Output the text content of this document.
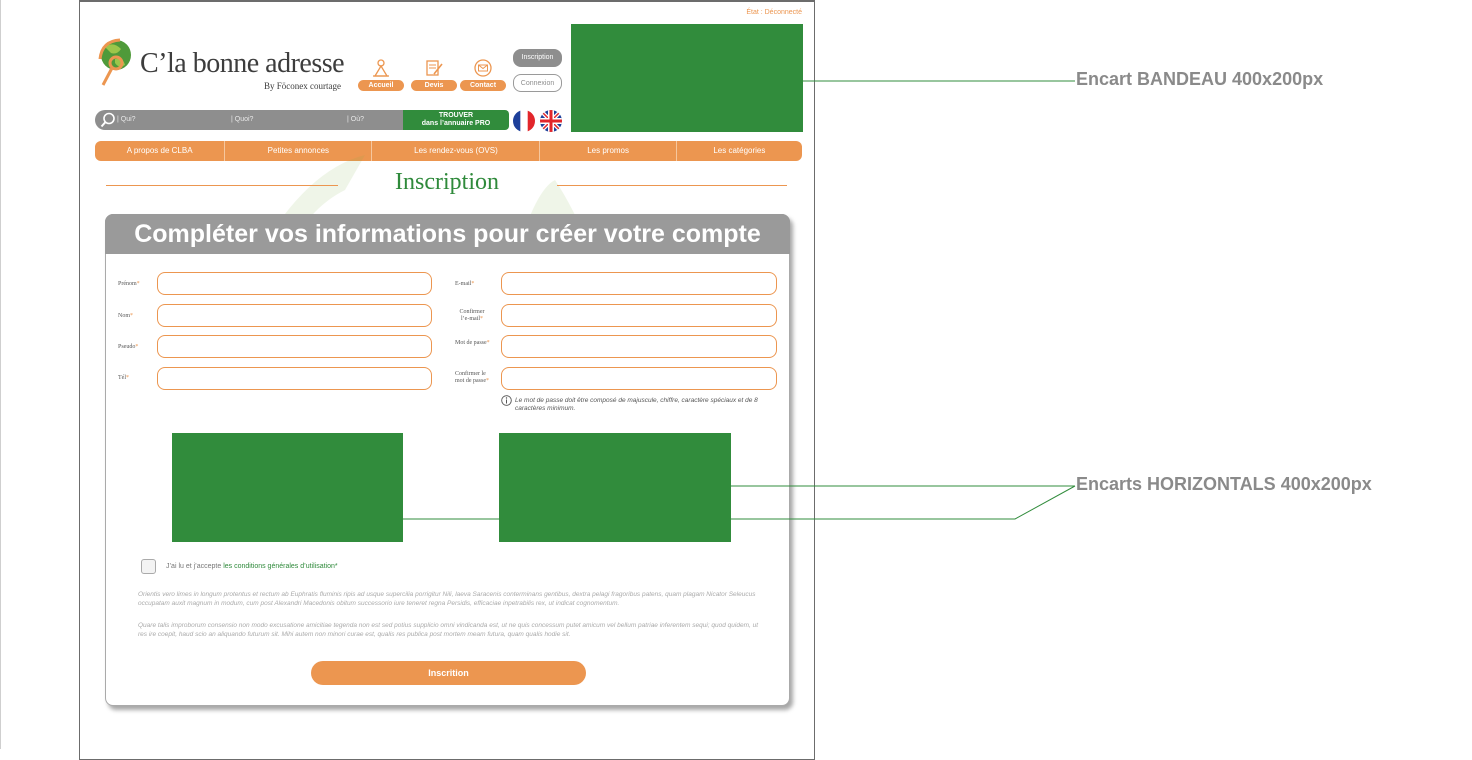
État : Déconnecté
C’la bonne adresse
By Föconex courtage	Accueil	Devis	Contact
Inscription
Connexion
| Qui?	| Quoi?	| Où?
TROUVER
dans l’annuaire PRO
A propos de CLBA	Petites annonces	Les rendez-vous (OVS)	Les promos	Les catégories
Inscription
Compléter vos informations pour créer votre compte
Prénom*
Nom*
Pseudo*
Tél*
E-mail*
Confirmer
l’e-mail*
Mot de passe*
Confirmer le
mot de passe*
Le mot de passe doit être composé de majuscule, chiffre, caractère spéciaux et de 8 caractères minimum.
J’ai lu et j’accepte les conditions générales d’utilisation*
Orientis vero limes in longum protentus et rectum ab Euphratis fluminis ripis ad usque supercilia porrigitur Nili, laeva Saracenis conterminans gentibus, dextra pelagi fragoribus patens, quam plagam Nicator Seleucus occupatam auxit magnum in modum, cum post Alexandri Macedonis obitum successorio iure teneret regna Persidis, efficaciae inpetrabilis rex, ut indicat cognomentum.
Quare talis improborum consensio non modo excusatione amicitiae tegenda non est sed potius supplicio omni vindicanda est, ut ne quis concessum putet amicum vel bellum patriae inferentem sequi; quod quidem, ut res ire coepit, haud scio an aliquando futurum sit. Mihi autem non minori curae est, qualis res publica post mortem meam futura, quam qualis hodie sit.
Inscrition
Encart BANDEAU 400x200px
Encarts HORIZONTALS 400x200px
